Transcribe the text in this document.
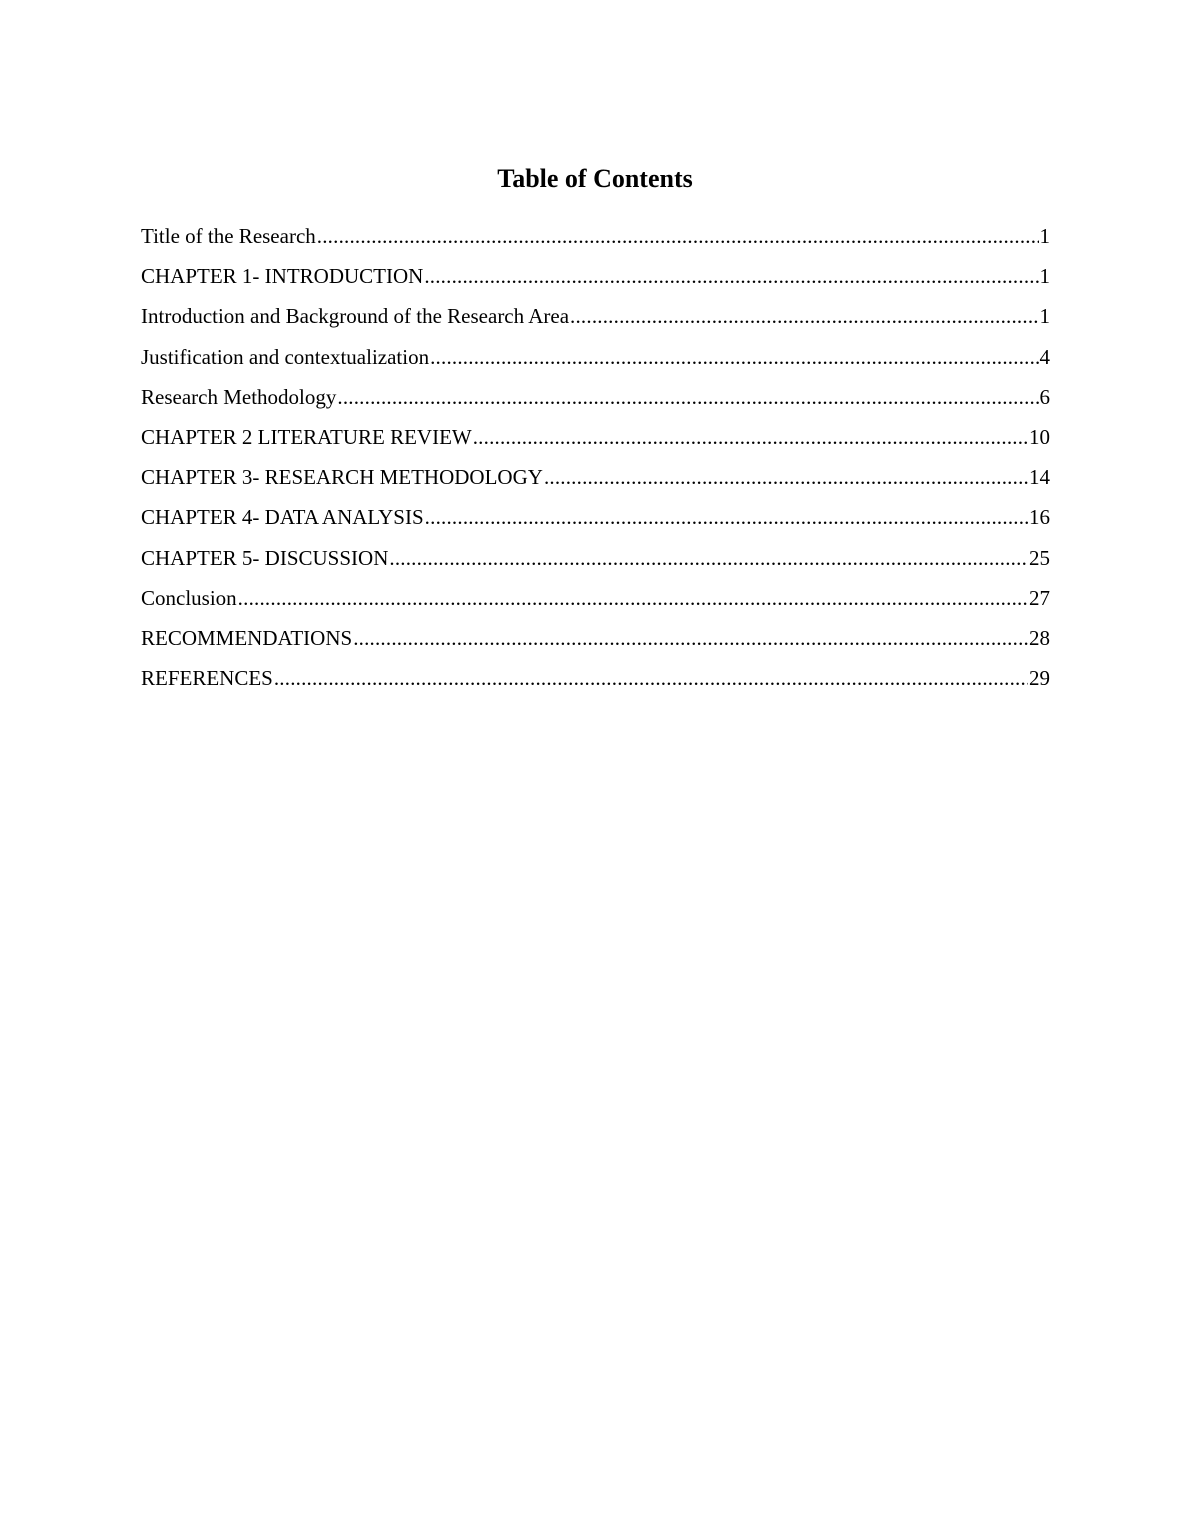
Table of Contents
Title of the Research .....	1
CHAPTER 1- INTRODUCTION .....	1
Introduction and Background of the Research Area .....	1
Justification and contextualization .....	4
Research Methodology .....	6
CHAPTER 2 LITERATURE REVIEW .....	10
CHAPTER 3- RESEARCH METHODOLOGY .....	14
CHAPTER 4- DATA ANALYSIS .....	16
CHAPTER 5- DISCUSSION .....	25
Conclusion .....	27
RECOMMENDATIONS .....	28
REFERENCES .....	29
